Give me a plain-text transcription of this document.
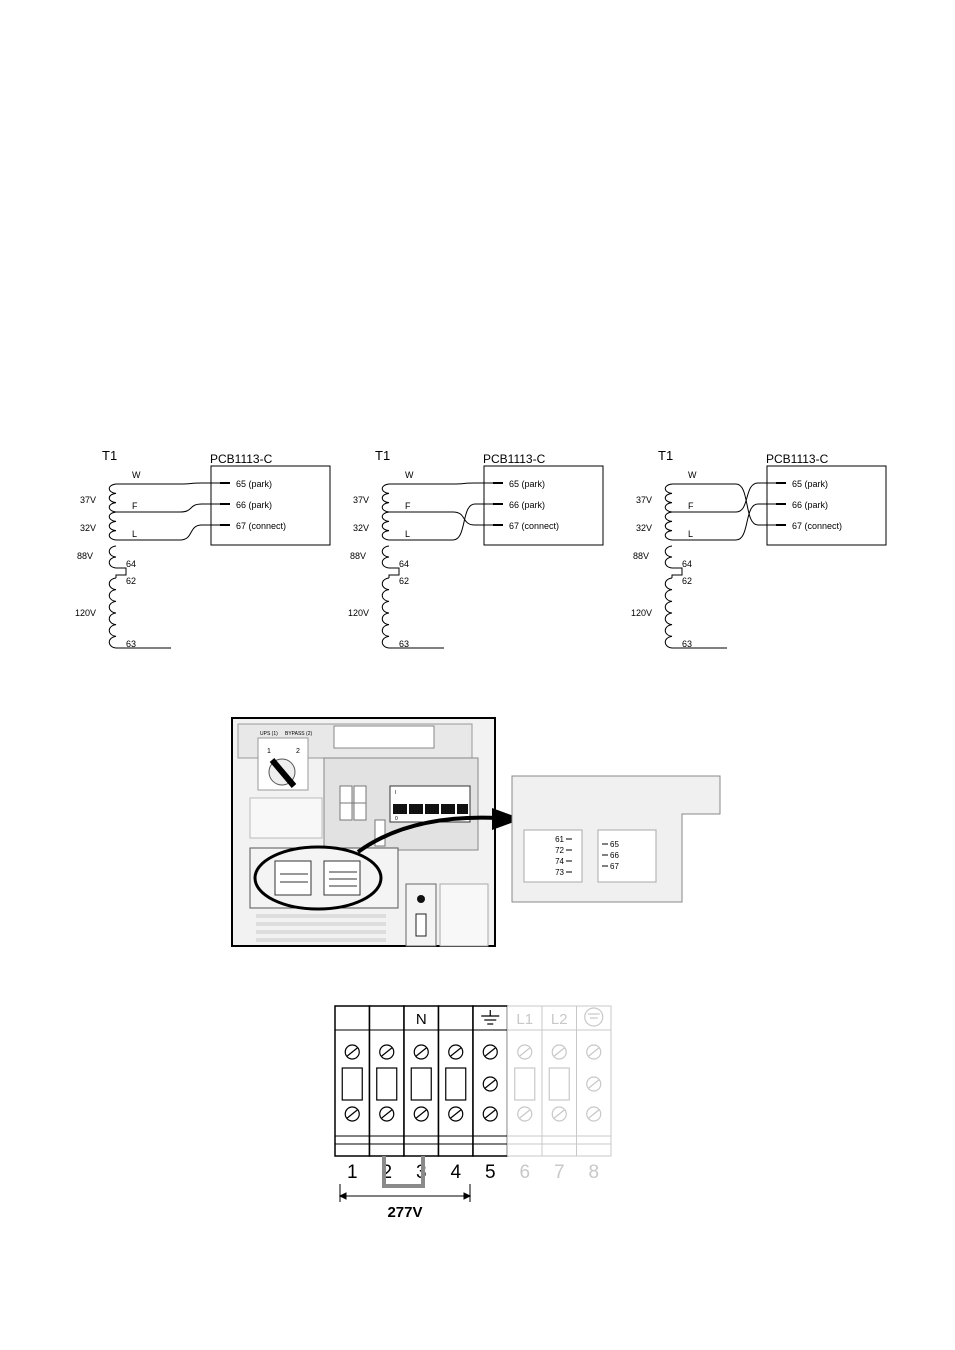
T1	PCB1113-C
W
F
L
37V
32V
88V
120V
64
62
63
65 (park)
66 (park)
67 (connect)
T1	PCB1113-C
W
F
L
37V
32V
88V
120V
64
62
63
65 (park)
66 (park)
67 (connect)
T1	PCB1113-C
W
F
L
37V
32V
88V
120V
64
62
63
65 (park)
66 (park)
67 (connect)
UPS (1) BYPASS (2)
1	2
I
0
61
72
74
73
65
66
67
1 2
N
3 4 5
L1
6
L2
7 8
277V
